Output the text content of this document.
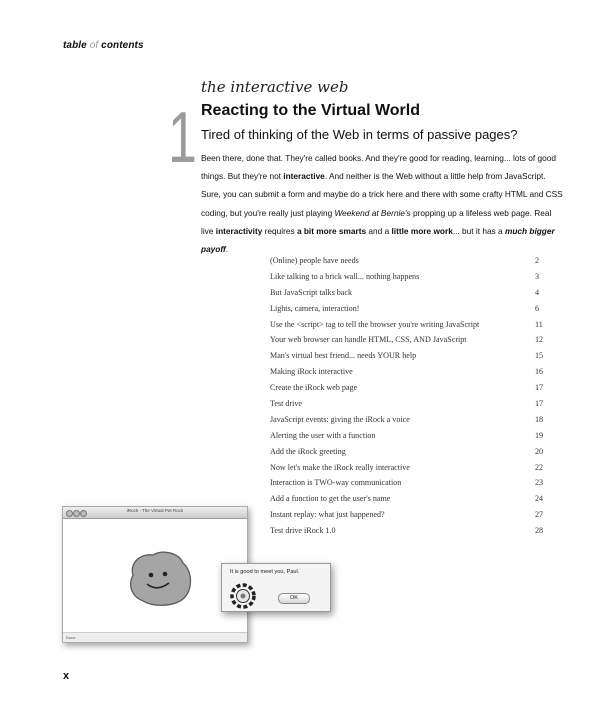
table of contents
1
the interactive web
Reacting to the Virtual World
Tired of thinking of the Web in terms of passive pages?

Been there, done that. They're called books. And they're good for reading, learning... lots of good things. But they're not interactive. And neither is the Web without a little help from JavaScript. Sure, you can submit a form and maybe do a trick here and there with some crafty HTML and CSS coding, but you're really just playing Weekend at Bernie's propping up a lifeless web page. Real live interactivity requires a bit more smarts and a little more work... but it has a much bigger payoff.

(Online) people have needs	2
Like talking to a brick wall... nothing happens	3
But JavaScript talks back	4
Lights, camera, interaction!	6
Use the <script> tag to tell the browser you're writing JavaScript	11
Your web browser can handle HTML, CSS, AND JavaScript	12
Man's virtual best friend... needs YOUR help	15
Making iRock interactive	16
Create the iRock web page	17
Test drive	17
JavaScript events: giving the iRock a voice	18
Alerting the user with a function	19
Add the iRock greeting	20
Now let's make the iRock really interactive	22
Interaction is TWO-way communication	23
Add a function to get the user's name	24
Instant replay: what just happened?	27
Test drive iRock 1.0	28
iRock - The Virtual Pet Rock
Done
It is good to meet you, Paul.
OK
x
